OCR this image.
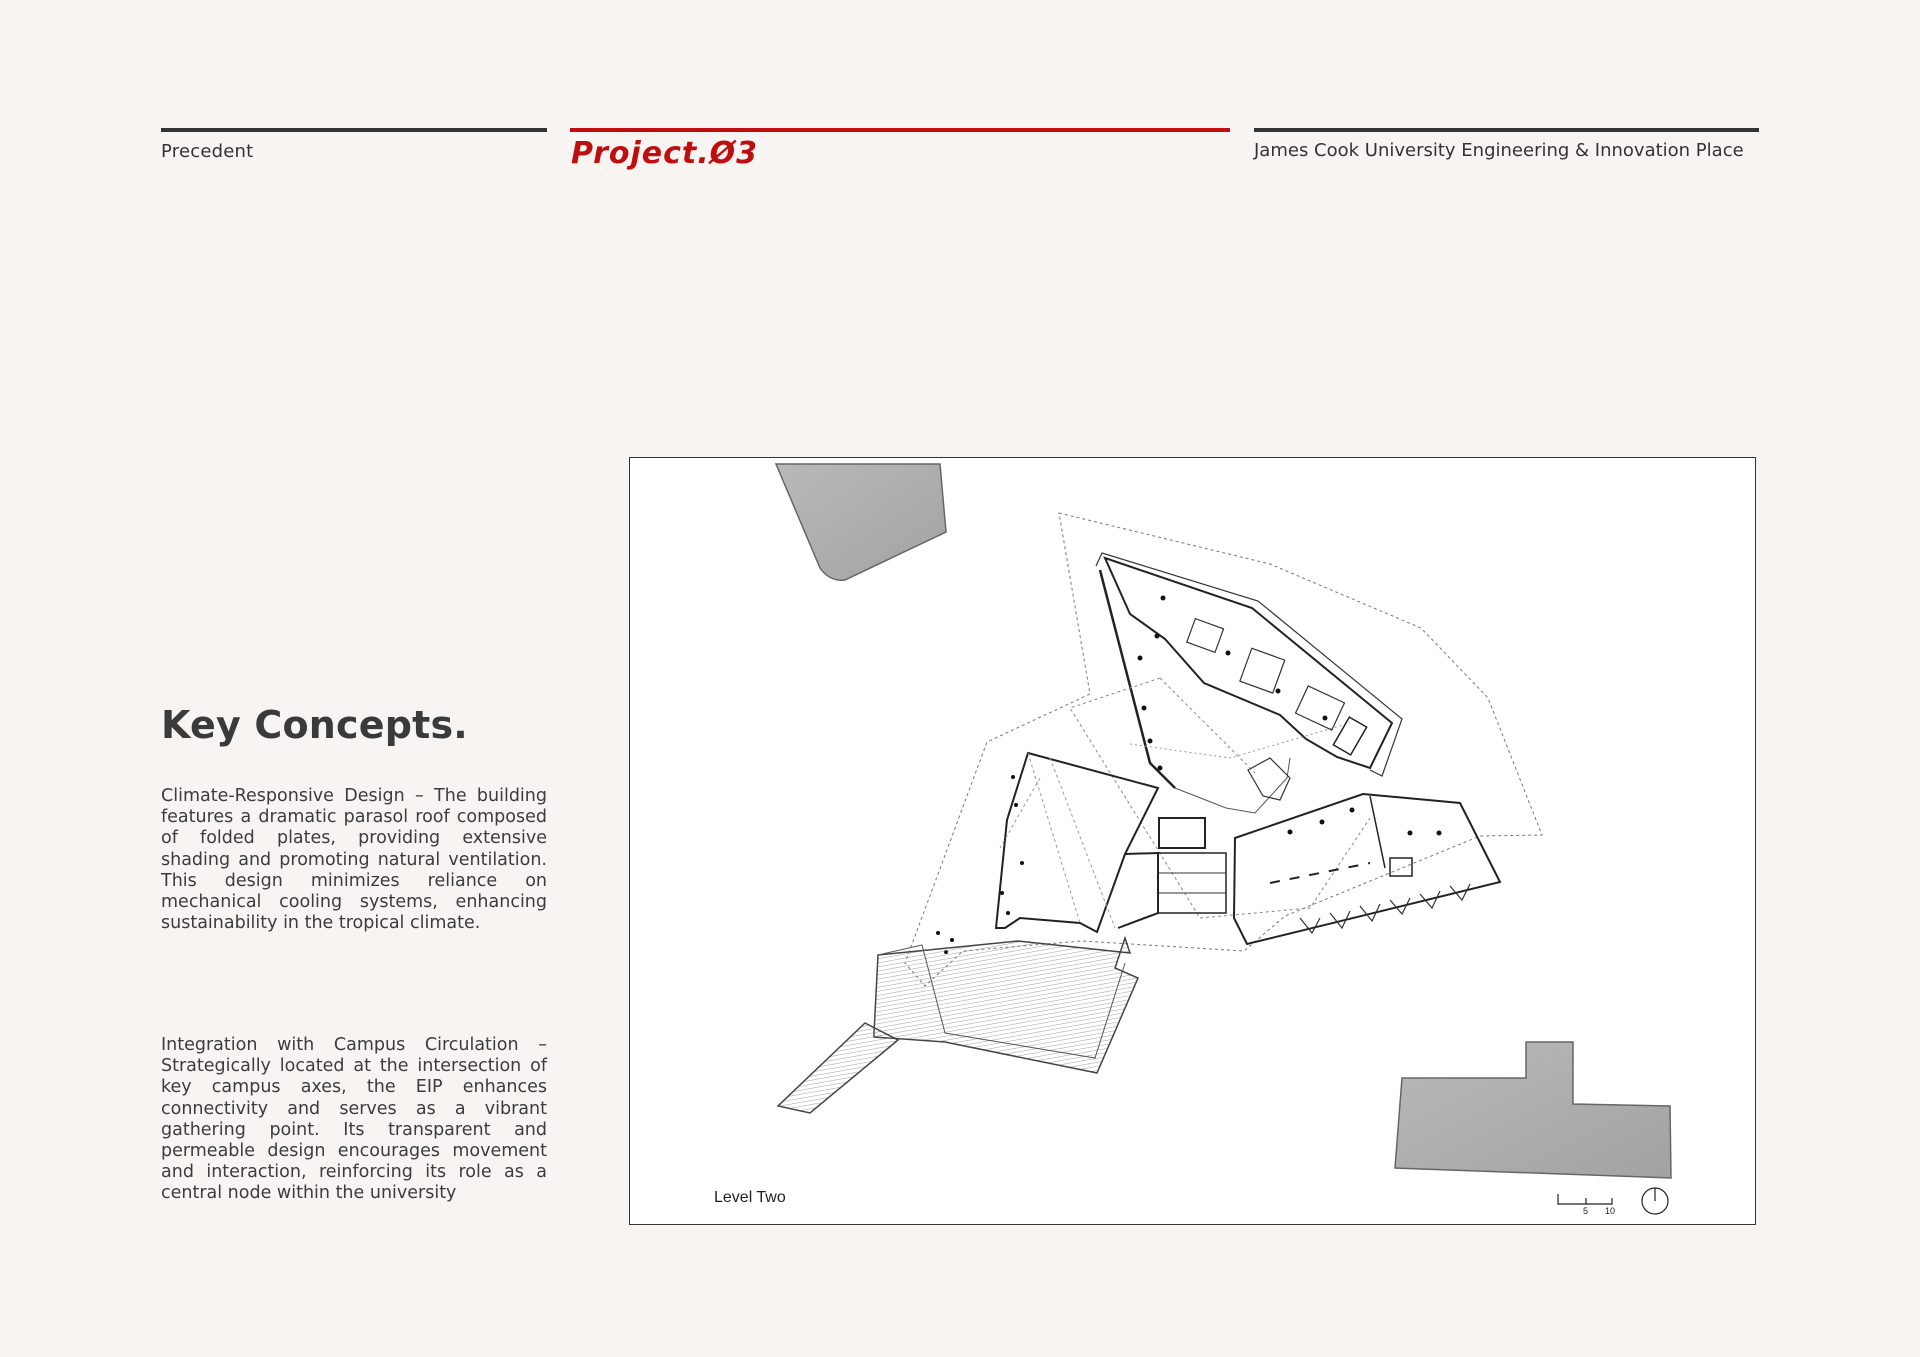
Precedent	Project.Ø3	James Cook University Engineering & Innovation Place
Key Concepts.
Climate-Responsive Design – The building features a dramatic parasol roof composed of folded plates, providing extensive shading and promoting natural ventilation. This design minimizes reliance on mechanical cooling systems, enhancing sustainability in the tropical climate.
Integration with Campus Circulation – Strategically located at the intersection of key campus axes, the EIP enhances connectivity and serves as a vibrant gathering point. Its transparent and permeable design encourages movement and interaction, reinforcing its role as a central node within the university	Level Two
5 10
